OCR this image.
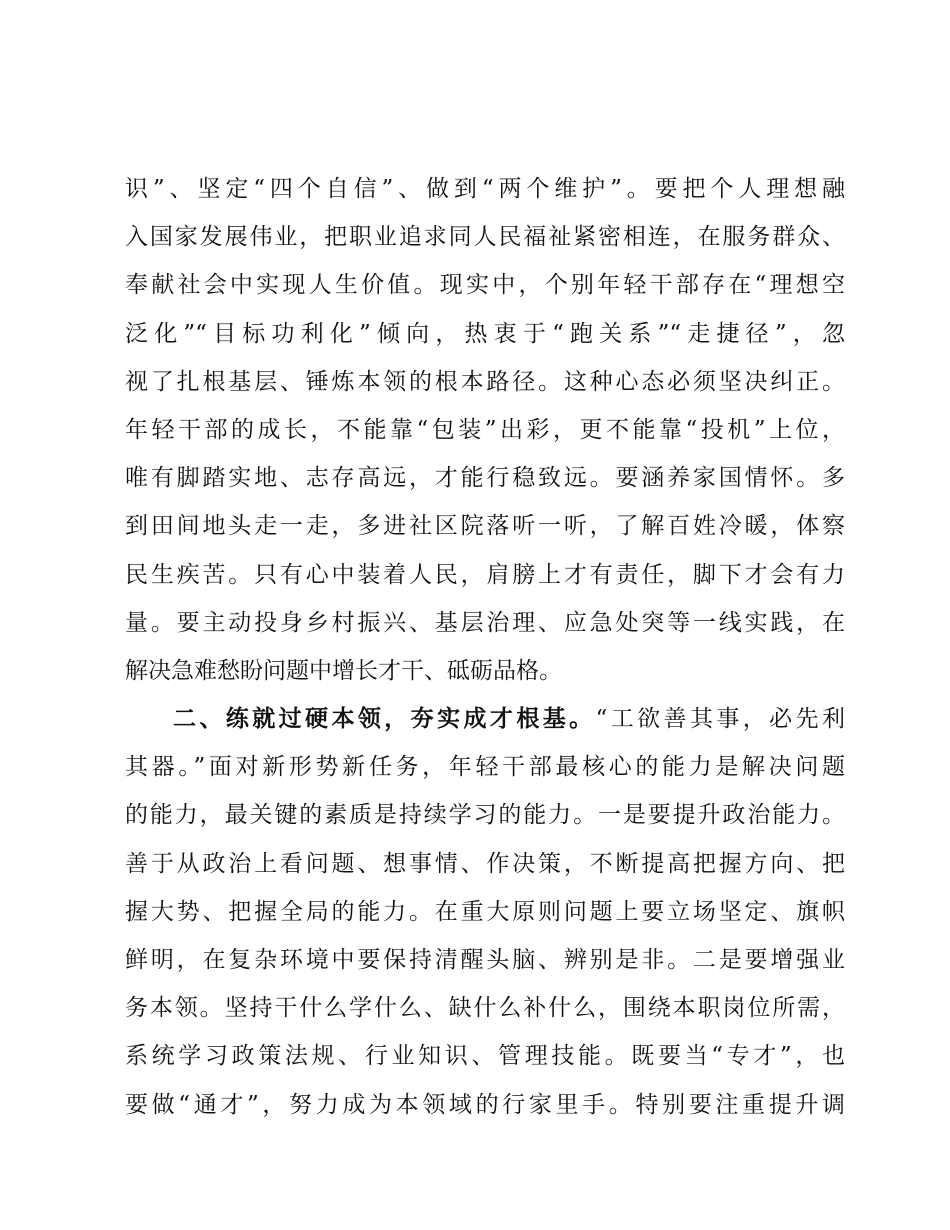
识”、坚定“四个自信”、做到“两个维护”。要把个人理想融
入国家发展伟业，把职业追求同人民福祉紧密相连，在服务群众、
奉献社会中实现人生价值。现实中，个别年轻干部存在“理想空
泛化”“目标功利化”倾向，热衷于“跑关系”“走捷径”，忽
视了扎根基层、锤炼本领的根本路径。这种心态必须坚决纠正。
年轻干部的成长，不能靠“包装”出彩，更不能靠“投机”上位，
唯有脚踏实地、志存高远，才能行稳致远。要涵养家国情怀。多
到田间地头走一走，多进社区院落听一听，了解百姓冷暖，体察
民生疾苦。只有心中装着人民，肩膀上才有责任，脚下才会有力
量。要主动投身乡村振兴、基层治理、应急处突等一线实践，在
解决急难愁盼问题中增长才干、砥砺品格。
二、练就过硬本领，夯实成才根基。“工欲善其事，必先利
其器。”面对新形势新任务，年轻干部最核心的能力是解决问题
的能力，最关键的素质是持续学习的能力。一是要提升政治能力。
善于从政治上看问题、想事情、作决策，不断提高把握方向、把
握大势、把握全局的能力。在重大原则问题上要立场坚定、旗帜
鲜明，在复杂环境中要保持清醒头脑、辨别是非。二是要增强业
务本领。坚持干什么学什么、缺什么补什么，围绕本职岗位所需，
系统学习政策法规、行业知识、管理技能。既要当“专才”，也
要做“通才”，努力成为本领域的行家里手。特别要注重提升调
